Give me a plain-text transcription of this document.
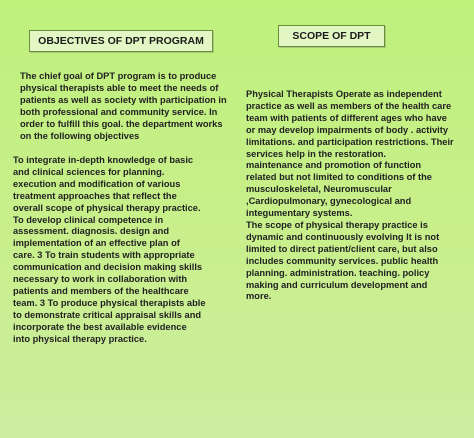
OBJECTIVES OF DPT PROGRAM	SCOPE OF DPT
The chief goal of DPT program is to produce
physical therapists able to meet the needs of
patients as well as society with participation in
both professional and community service. In
order to fulfill this goal. the department works
on the following objectives
To integrate in-depth knowledge of basic
and clinical sciences for planning.
execution and modification of various
treatment approaches that reflect the
overall scope of physical therapy practice.
To develop clinical competence in
assessment. diagnosis. design and
implementation of an effective plan of
care. 3 To train students with appropriate
communication and decision making skills
necessary to work in collaboration with
patients and members of the healthcare
team. 3 To produce physical therapists able
to demonstrate critical appraisal skills and
incorporate the best available evidence
into physical therapy practice.
Physical Therapists Operate as independent
practice as well as members of the health care
team with patients of different ages who have
or may develop impairments of body . activity
limitations. and participation restrictions. Their
services help in the restoration.
maintenance and promotion of function
related but not limited to conditions of the
musculoskeletal, Neuromuscular
,Cardiopulmonary, gynecological and
integumentary systems.
The scope of physical therapy practice is
dynamic and continuously evolving It is not
limited to direct patient/client care, but also
includes community services. public health
planning. administration. teaching. policy
making and curriculum development and
more.
